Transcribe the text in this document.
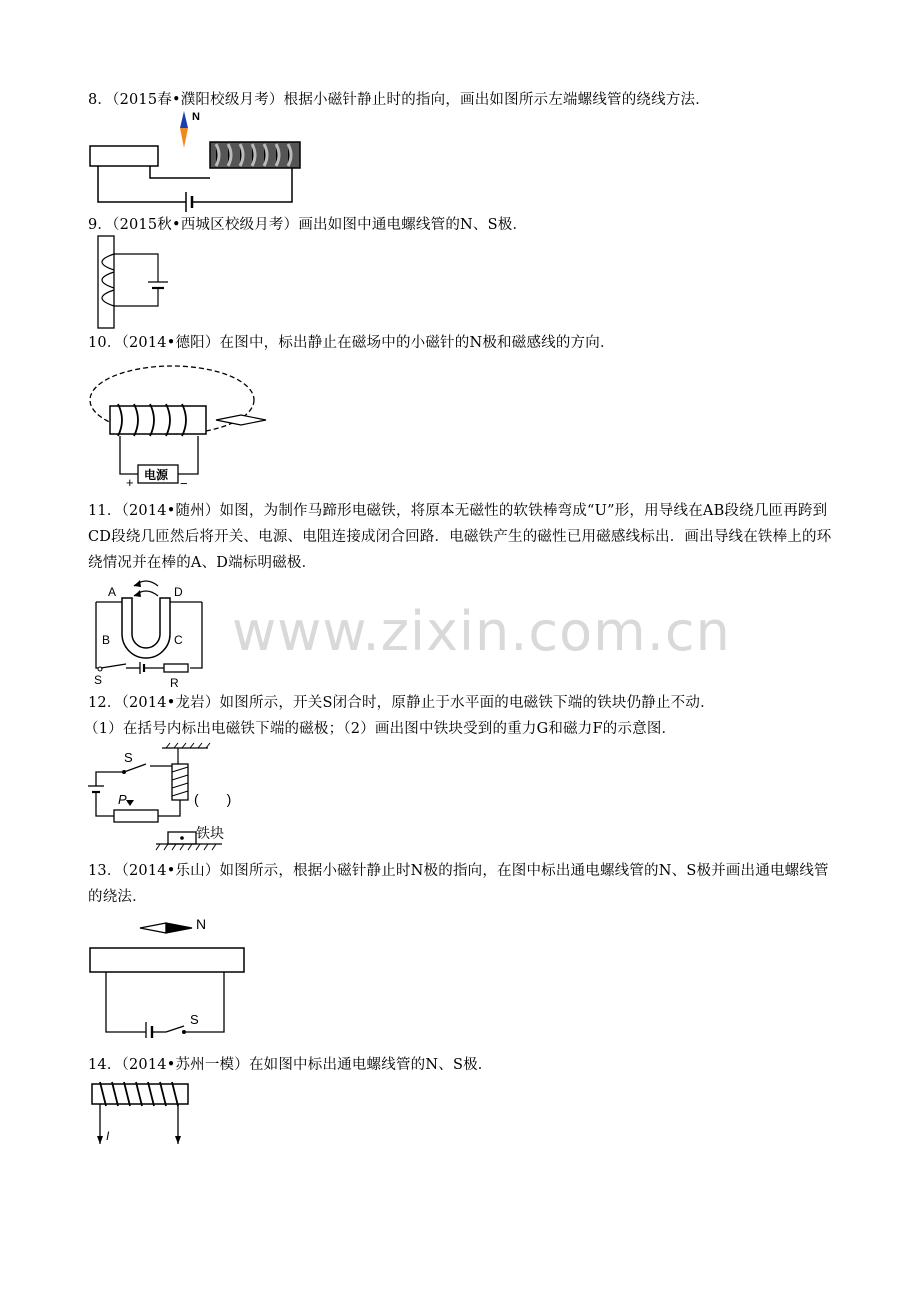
www.zixin.com.cn
8．（2015春•濮阳校级月考）根据小磁针静止时的指向，画出如图所示左端螺线管的绕线方法．
N
9．（2015秋•西城区校级月考）画出如图中通电螺线管的N、S极．
10．（2014•德阳）在图中，标出静止在磁场中的小磁针的N极和磁感线的方向．
电源
+	−
11．（2014•随州）如图，为制作马蹄形电磁铁，将原本无磁性的软铁棒弯成“U”形，用导线在AB段绕几匝再跨到CD段绕几匝然后将开关、电源、电阻连接成闭合回路．电磁铁产生的磁性已用磁感线标出．画出导线在铁棒上的环绕情况并在棒的A、D端标明磁极．
A	D
B	C
S	R
12．（2014•龙岩）如图所示，开关S闭合时，原静止于水平面的电磁铁下端的铁块仍静止不动．
（1）在括号内标出电磁铁下端的磁极；（2）画出图中铁块受到的重力G和磁力F的示意图．
S
P	(　　)
铁块
13．（2014•乐山）如图所示，根据小磁针静止时N极的指向，在图中标出通电螺线管的N、S极并画出通电螺线管的绕法．
N
S
14．（2014•苏州一模）在如图中标出通电螺线管的N、S极．
I
